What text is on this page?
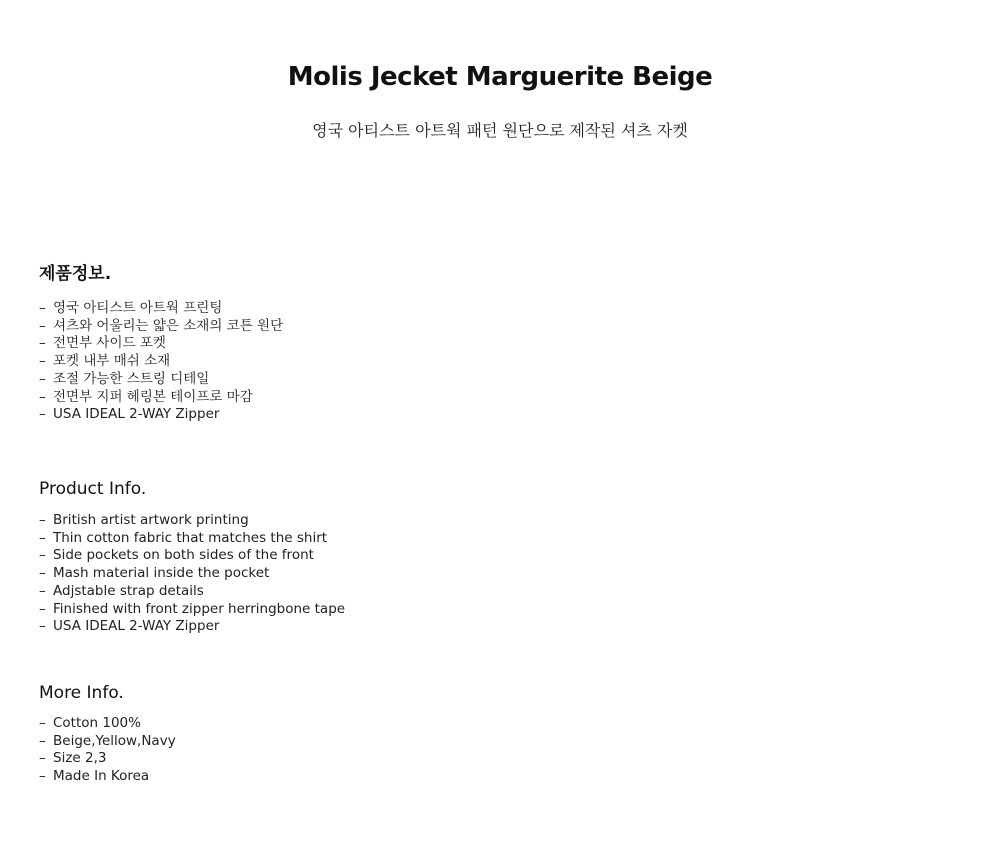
Molis Jecket Marguerite Beige

영국 아티스트 아트웍 패턴 원단으로 제작된 셔츠 자켓

제품정보.
– 영국 아티스트 아트웍 프린팅
– 셔츠와 어울리는 얇은 소재의 코튼 원단
– 전면부 사이드 포켓
– 포켓 내부 매쉬 소재
– 조절 가능한 스트링 디테일
– 전면부 지퍼 헤링본 테이프로 마감
– USA IDEAL 2-WAY Zipper
Product Info.
– British artist artwork printing
– Thin cotton fabric that matches the shirt
– Side pockets on both sides of the front
– Mash material inside the pocket
– Adjstable strap details
– Finished with front zipper herringbone tape
– USA IDEAL 2-WAY Zipper
More Info.
– Cotton 100%
– Beige,Yellow,Navy
– Size 2,3
– Made In Korea
